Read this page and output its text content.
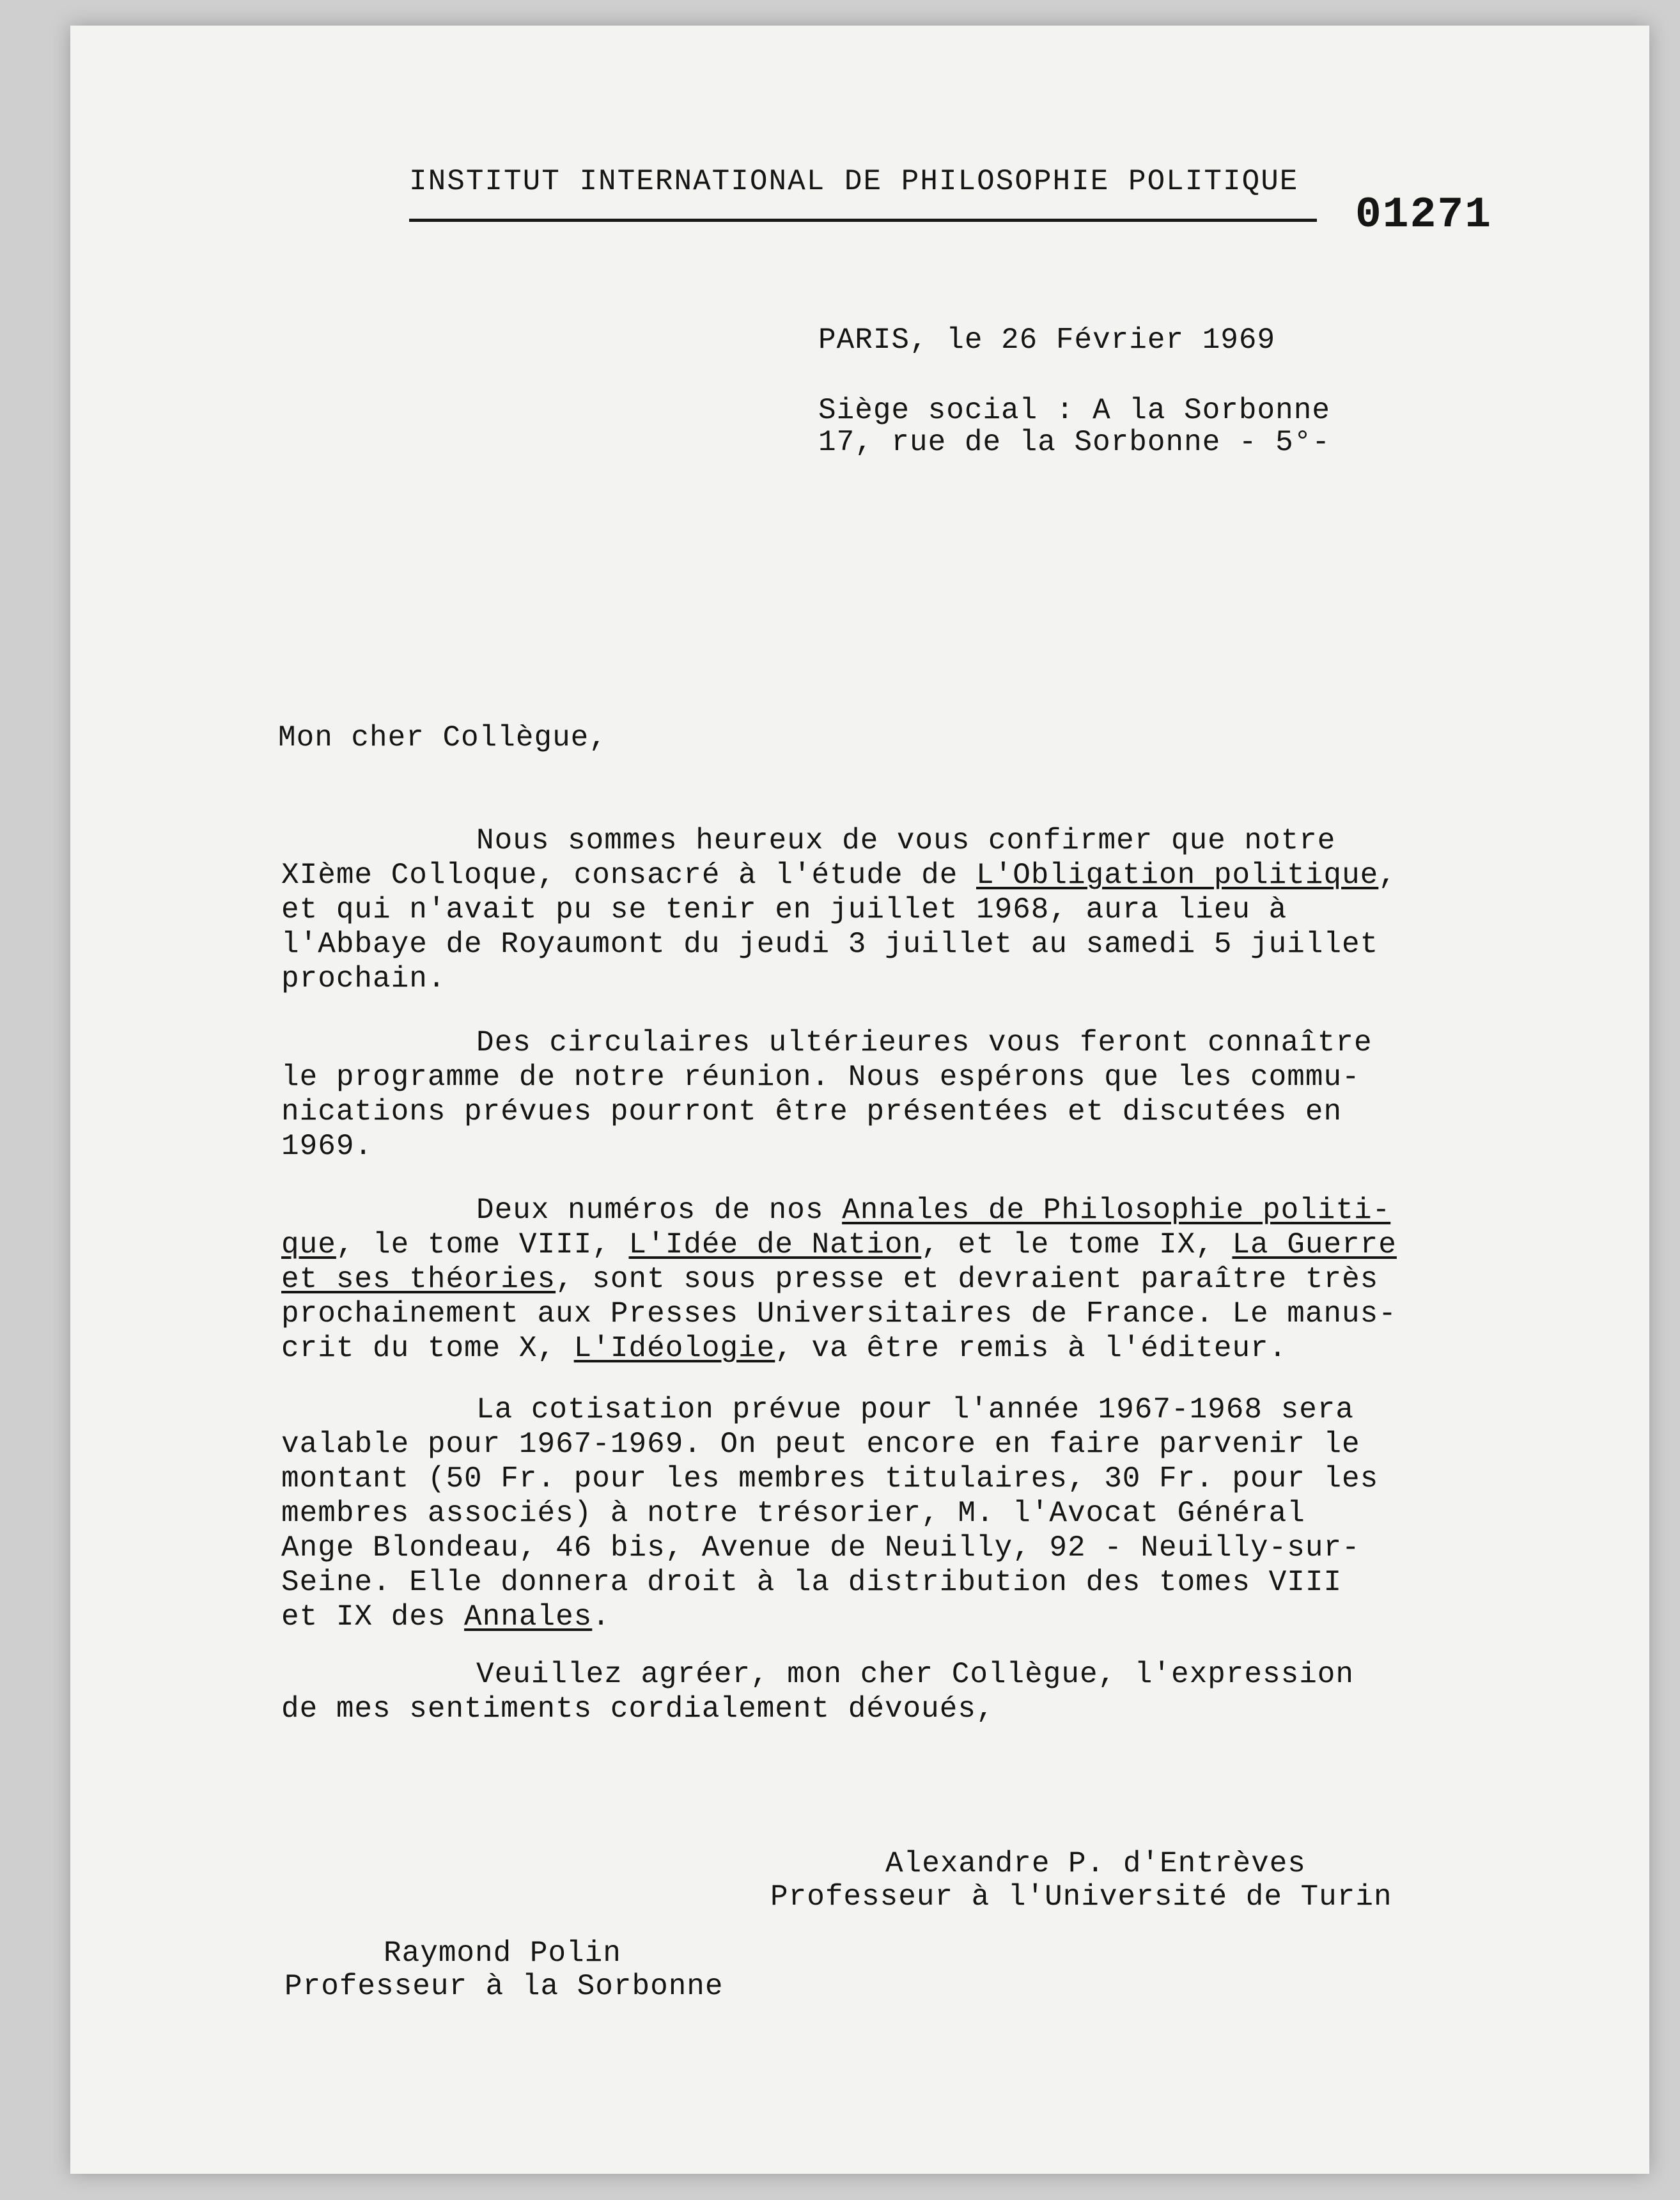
INSTITUT INTERNATIONAL DE PHILOSOPHIE POLITIQUE
01271
PARIS, le 26 Février 1969
Siège social : A la Sorbonne
17, rue de la Sorbonne - 5°-
Mon cher Collègue,
Nous sommes heureux de vous confirmer que notre
XIème Colloque, consacré à l'étude de L'Obligation politique,
et qui n'avait pu se tenir en juillet 1968, aura lieu à
l'Abbaye de Royaumont du jeudi 3 juillet au samedi 5 juillet
prochain.
Des circulaires ultérieures vous feront connaître
le programme de notre réunion. Nous espérons que les commu-
nications prévues pourront être présentées et discutées en
1969.
Deux numéros de nos Annales de Philosophie politi-
que, le tome VIII, L'Idée de Nation, et le tome IX, La Guerre
et ses théories, sont sous presse et devraient paraître très
prochainement aux Presses Universitaires de France. Le manus-
crit du tome X, L'Idéologie, va être remis à l'éditeur.
La cotisation prévue pour l'année 1967-1968 sera
valable pour 1967-1969. On peut encore en faire parvenir le
montant (50 Fr. pour les membres titulaires, 30 Fr. pour les
membres associés) à notre trésorier, M. l'Avocat Général
Ange Blondeau, 46 bis, Avenue de Neuilly, 92 - Neuilly-sur-
Seine. Elle donnera droit à la distribution des tomes VIII
et IX des Annales.
Veuillez agréer, mon cher Collègue, l'expression
de mes sentiments cordialement dévoués,
Alexandre P. d'Entrèves
Professeur à l'Université de Turin
Raymond Polin
Professeur à la Sorbonne
